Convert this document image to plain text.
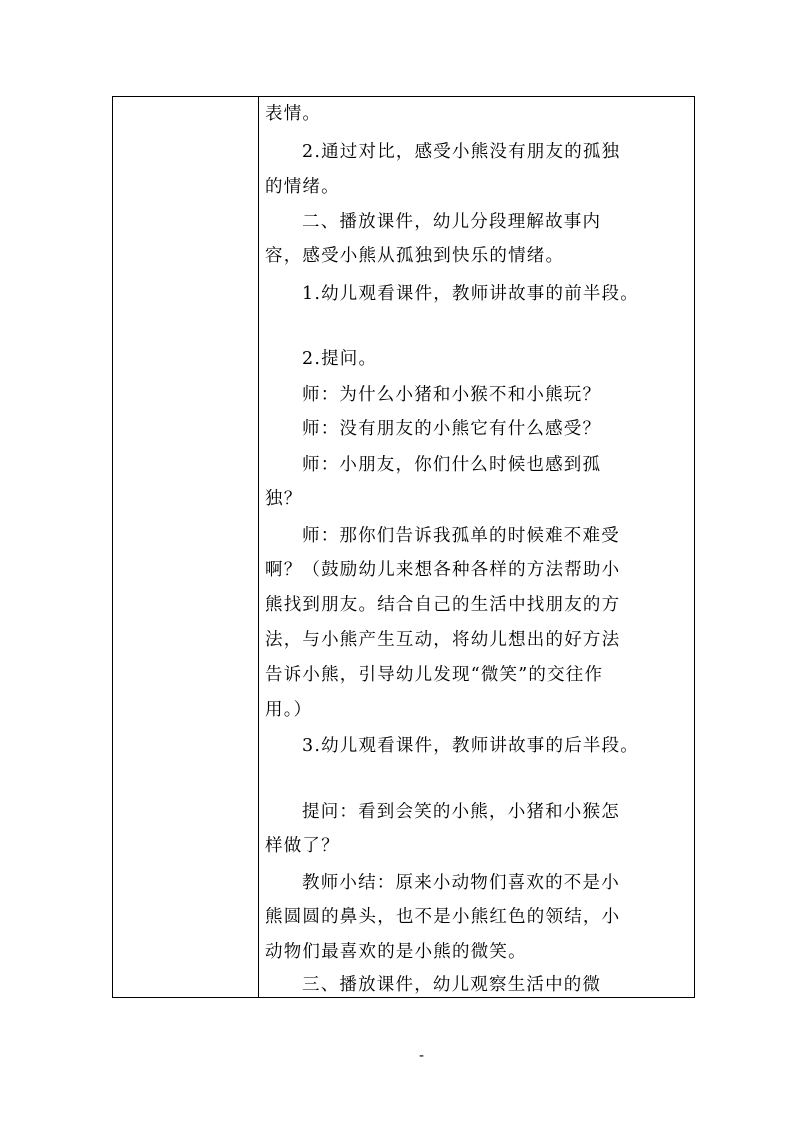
表情。
2.通过对比，感受小熊没有朋友的孤独
的情绪。
二、播放课件，幼儿分段理解故事内
容，感受小熊从孤独到快乐的情绪。
1.幼儿观看课件，教师讲故事的前半段。
2.提问。
师：为什么小猪和小猴不和小熊玩？
师：没有朋友的小熊它有什么感受？
师：小朋友，你们什么时候也感到孤
独？
师：那你们告诉我孤单的时候难不难受
啊？（鼓励幼儿来想各种各样的方法帮助小
熊找到朋友。结合自己的生活中找朋友的方
法，与小熊产生互动，将幼儿想出的好方法
告诉小熊，引导幼儿发现“微笑”的交往作
用。）
3.幼儿观看课件，教师讲故事的后半段。
提问：看到会笑的小熊，小猪和小猴怎
样做了？
教师小结：原来小动物们喜欢的不是小
熊圆圆的鼻头，也不是小熊红色的领结，小
动物们最喜欢的是小熊的微笑。
三、播放课件，幼儿观察生活中的微
-
